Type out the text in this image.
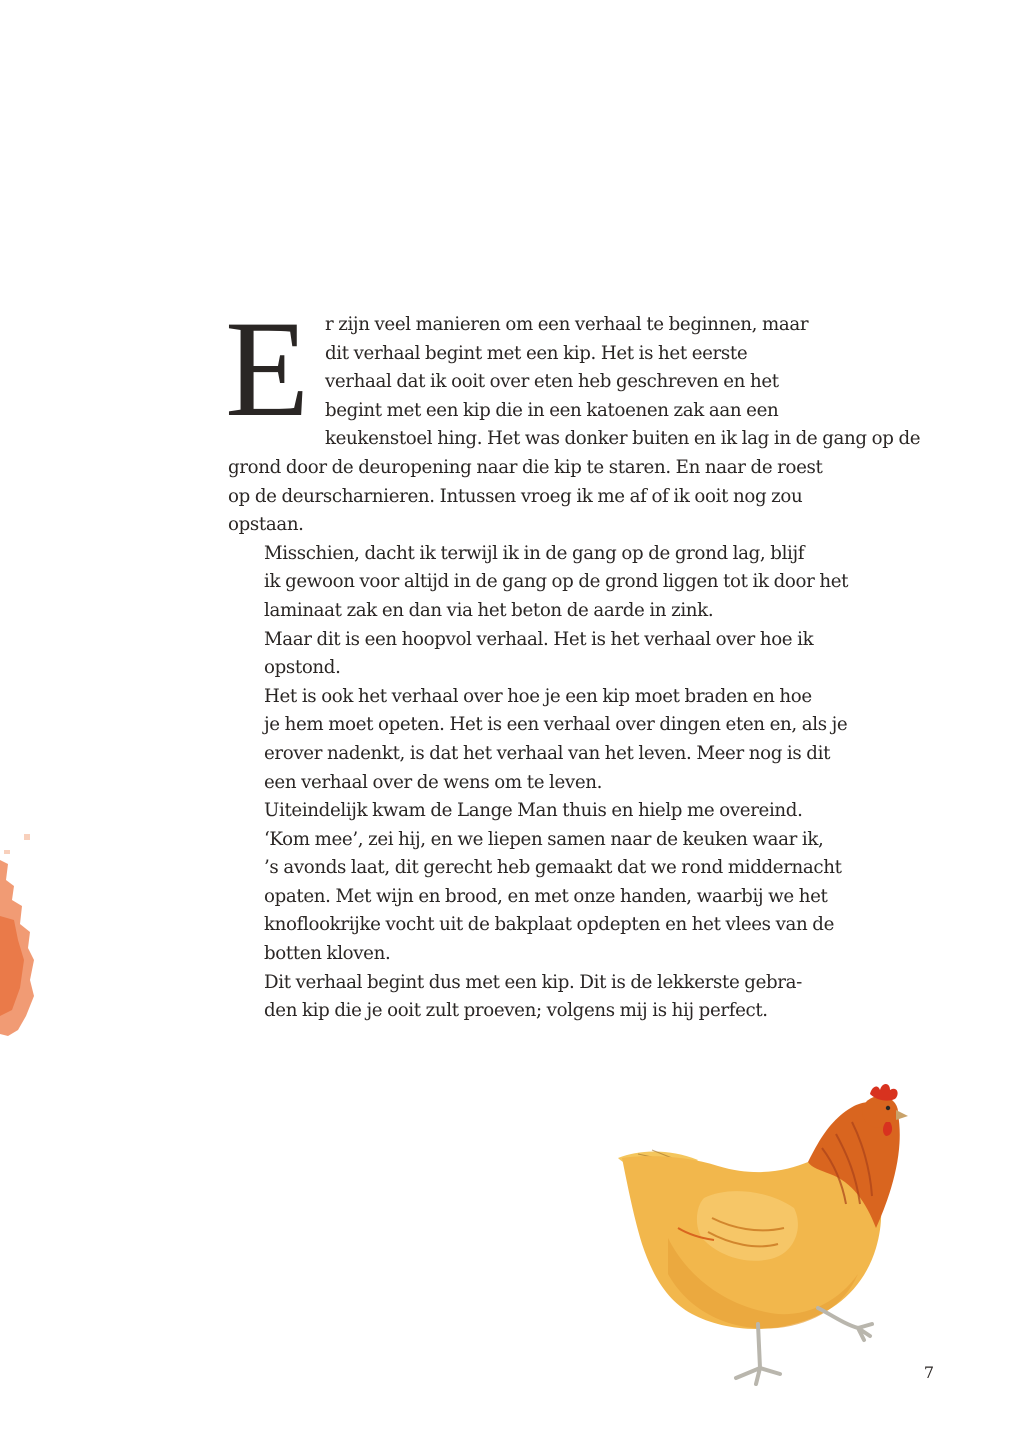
E r zijn veel manieren om een verhaal te beginnen, maar
dit verhaal begint met een kip. Het is het eerste
verhaal dat ik ooit over eten heb geschreven en het
begint met een kip die in een katoenen zak aan een
keukenstoel hing. Het was donker buiten en ik lag in de gang op de
grond door de deuropening naar die kip te staren. En naar de roest
op de deurscharnieren. Intussen vroeg ik me af of ik ooit nog zou
opstaan.

Misschien, dacht ik terwijl ik in de gang op de grond lag, blijf
ik gewoon voor altijd in de gang op de grond liggen tot ik door het
laminaat zak en dan via het beton de aarde in zink.

Maar dit is een hoopvol verhaal. Het is het verhaal over hoe ik
opstond.

Het is ook het verhaal over hoe je een kip moet braden en hoe
je hem moet opeten. Het is een verhaal over dingen eten en, als je
erover nadenkt, is dat het verhaal van het leven. Meer nog is dit
een verhaal over de wens om te leven.

Uiteindelijk kwam de Lange Man thuis en hielp me overeind.
‘Kom mee’, zei hij, en we liepen samen naar de keuken waar ik,
’s avonds laat, dit gerecht heb gemaakt dat we rond middernacht
opaten. Met wijn en brood, en met onze handen, waarbij we het
knoflookrijke vocht uit de bakplaat opdepten en het vlees van de
botten kloven.

Dit verhaal begint dus met een kip. Dit is de lekkerste gebra-
den kip die je ooit zult proeven; volgens mij is hij perfect.

7
